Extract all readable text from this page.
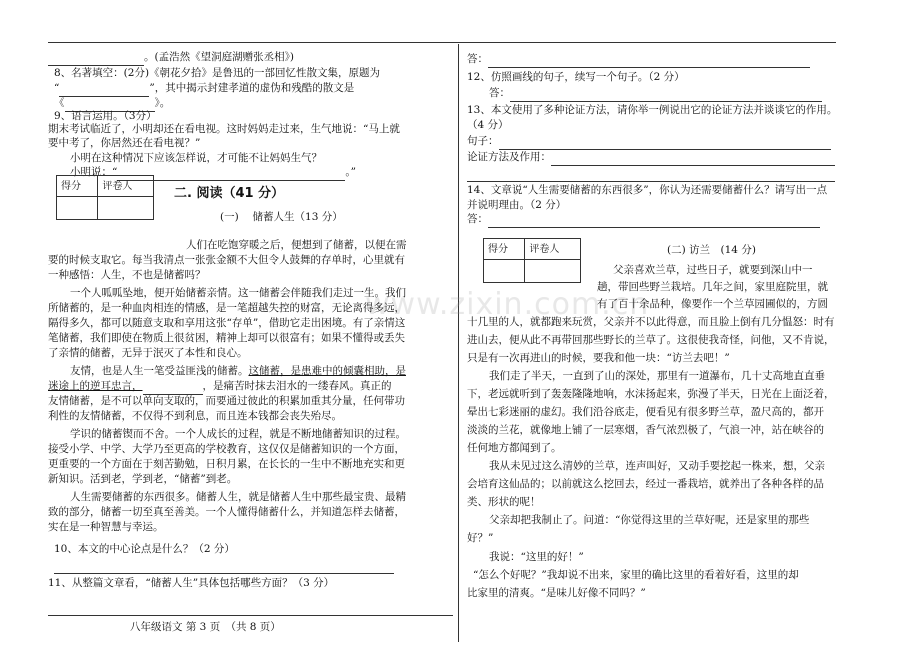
www.zixin.com.cn
。(孟浩然《望洞庭湖赠张丞相》)
8、名著填空：(2分)《朝花夕拾》是鲁迅的一部回忆性散文集，原题为
“	”，其中揭示封建孝道的虚伪和残酷的散文是
《	》。
9、语言运用。（3分）
期末考试临近了，小明却还在看电视。这时妈妈走过来，生气地说：“马上就
要中考了，你居然还在看电视？”
小明在这种情况下应该怎样说，才可能不让妈妈生气？
小明说：“	。”
得分	评卷人
		二. 阅读（41 分）
(一)　 储蓄人生（13 分）
人们在吃饱穿暖之后，便想到了储蓄，以便在需
要的时候支取它。每当我清点一张张金额不大但令人鼓舞的存单时，心里就有
一种感悟：人生，不也是储蓄吗？
一个人呱呱坠地，便开始储蓄亲情。这一储蓄会伴随我们走过一生。我们
所储蓄的，是一种血肉相连的情感，是一笔超越失控的财富，无论离得多远，
隔得多久，都可以随意支取和享用这张“存单”，借助它走出困境。有了亲情这
笔储蓄，我们即使在物质上很贫困，精神上却可以很富有；如果不懂得或丢失
了亲情的储蓄，无异于泯灭了本性和良心。
友情，也是人生一笔受益匪浅的储蓄。这储蓄，是患难中的倾囊相助，是
迷途上的逆耳忠言，	，是痛苦时抹去泪水的一缕春风。真正的
友情储蓄，是不可以单向支取的，而要通过彼此的积累加重其分量，任何带功
利性的友情储蓄，不仅得不到利息，而且连本钱都会丧失殆尽。
学识的储蓄锲而不舍。一个人成长的过程，就是不断地储蓄知识的过程。
接受小学、中学、大学乃至更高的学校教育，这仅仅是储蓄知识的一个方面，
更重要的一个方面在于刻苦勤勉，日积月累，在长长的一生中不断地充实和更
新知识。活到老，学到老，“储蓄”到老。
人生需要储蓄的东西很多。储蓄人生，就是储蓄人生中那些最宝贵、最精
致的部分，储蓄一切至真至善美。一个人懂得储蓄什么，并知道怎样去储蓄，
实在是一种智慧与幸运。
10、本文的中心论点是什么？（2 分）
11、从整篇文章看，“储蓄人生”具体包括哪些方面？（3 分）
八年级语文 第 3 页　（共 8 页）
答：
12、仿照画线的句子，续写一个句子。（2 分）
答：
13、本文使用了多种论证方法，请你举一例说出它的论证方法并谈谈它的作用。
（4 分）
句子：
论证方法及作用：
14、文章说“人生需要储蓄的东西很多”，你认为还需要储蓄什么？请写出一点
并说明理由。（2 分）
答：
得分	评卷人
		(二) 访兰　(14 分)
父亲喜欢兰草，过些日子，就要到深山中一
趟，带回些野兰栽培。几年之间，家里庭院里，就
有了百十余品种，像要作一个兰草园圃似的，方圆
十几里的人，就都跑来玩赏，父亲并不以此得意，而且脸上倒有几分愠怒：时有
进山去，便从此不再带回那些野长的兰草了。这很使我奇怪，问他，又不肯说，
只是有一次再进山的时候，要我和他一块：“访兰去吧！”
我们走了半天，一直到了山的深处，那里有一道瀑布，几十丈高地直直垂
下，老远就听到了轰轰隆隆地响，水沫扬起来，弥漫了半天，日光在上面泛着，
晕出七彩迷丽的虚幻。我们沿谷底走，便看见有很多野兰草，盈尺高的，都开
淡淡的兰花，就像地上铺了一层寒烟，香气浓烈极了，气浪一冲，站在峡谷的
任何地方都闻到了。
我从未见过这么清妙的兰草，连声叫好，又动手要挖起一株来，想，父亲
会培育这仙品的；以前就这么挖回去，经过一番栽培，就养出了各种各样的品
类、形状的呢！
父亲却把我制止了。问道：“你觉得这里的兰草好呢，还是家里的那些
好？”
我说：“这里的好！”
“怎么个好呢？”我却说不出来，家里的确比这里的看着好看，这里的却
比家里的清爽。“是味儿好像不同吗？”
